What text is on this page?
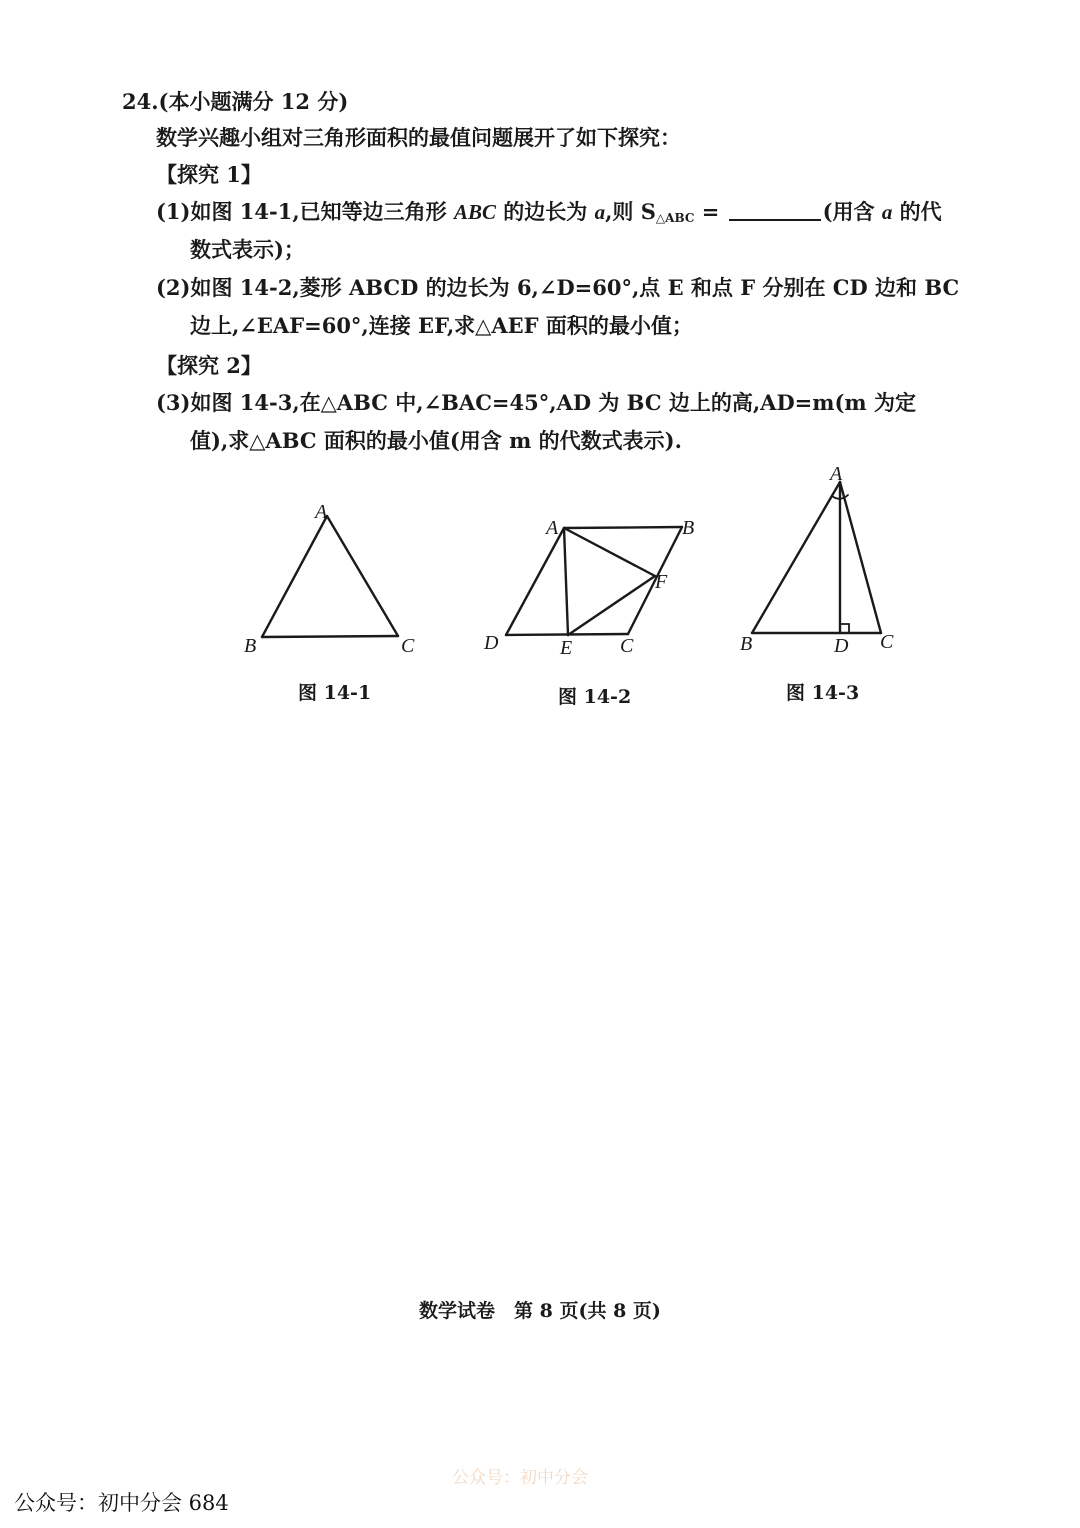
24.(本小题满分 12 分)
数学兴趣小组对三角形面积的最值问题展开了如下探究：
【探究 1】
(1)如图 14-1,已知等边三角形 ABC 的边长为 a,则 $S_{\triangle ABC}$ =	(用含 a 的代
数式表示)；
(2)如图 14-2,菱形 ABCD 的边长为 6,∠D=60°,点 E 和点 F 分别在 CD 边和 BC
边上,∠EAF=60°,连接 EF,求△AEF 面积的最小值；
【探究 2】
(3)如图 14-3,在△ABC 中,∠BAC=45°,AD 为 BC 边上的高,AD=m(m 为定
值),求△ABC 面积的最小值(用含 m 的代数式表示).
A
B	C
图 14-1
A	B
F
D	E C
图 14-2
A
B	D C
图 14-3
数学试卷　第 8 页(共 8 页)
公众号：初中分会
公众号：初中分会 684
